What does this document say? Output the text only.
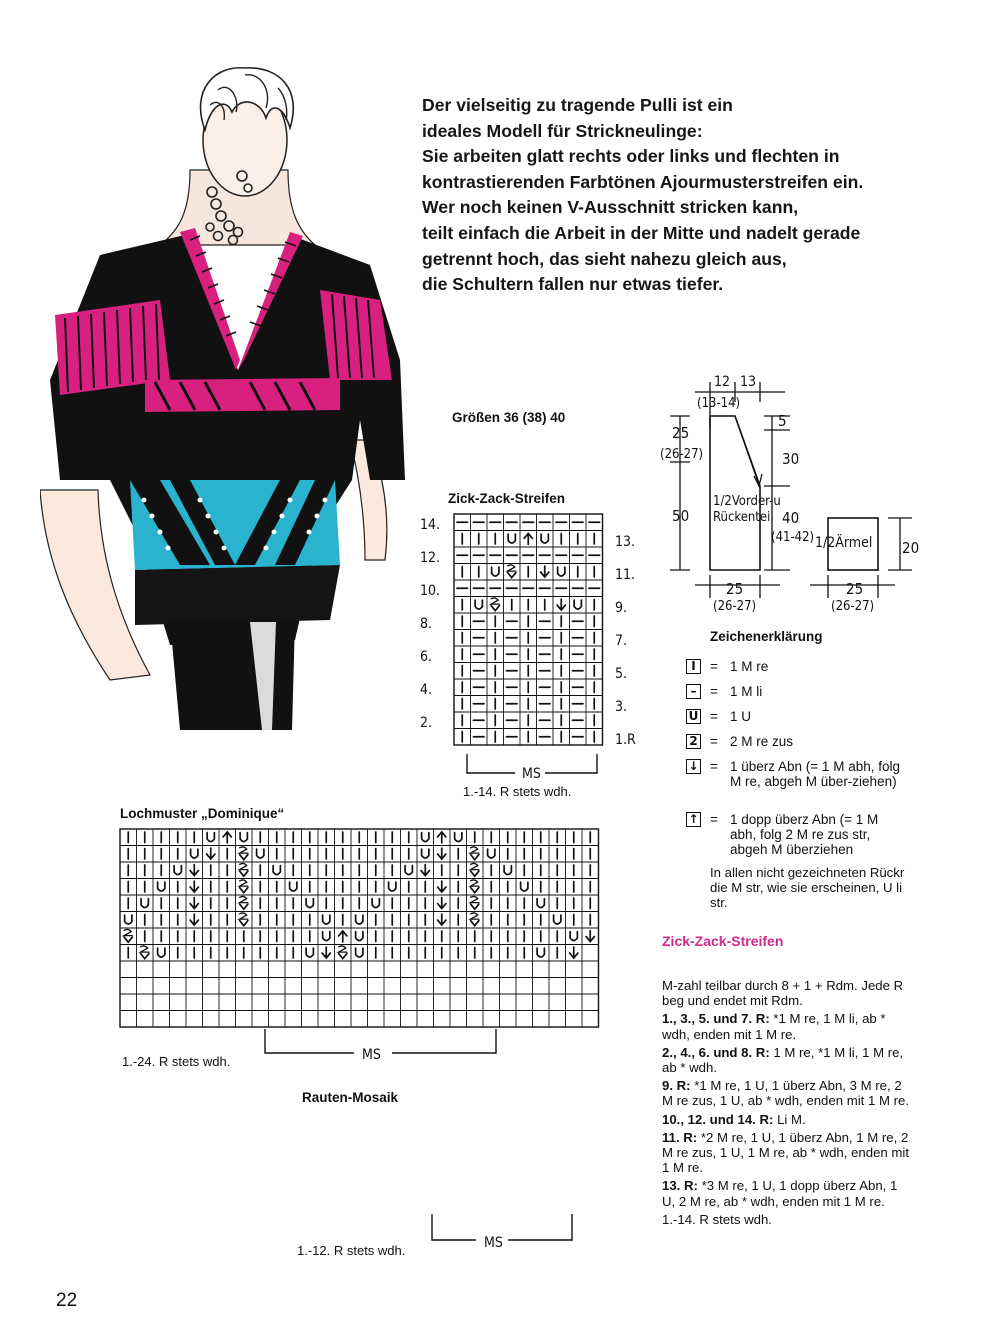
Der vielseitig zu tragende Pulli ist ein
ideales Modell für Strickneulinge:
Sie arbeiten glatt rechts oder links und flechten in
kontrastierenden Farbtönen Ajourmusterstreifen ein.
Wer noch keinen V-Ausschnitt stricken kann,
teilt einfach die Arbeit in der Mitte und nadelt gerade
getrennt hoch, das sieht nahezu gleich aus,
die Schultern fallen nur etwas tiefer.
Größen 36 (38) 40
Zick-Zack-Streifen
14.
12.
10.
8.
6.
4.
2.
13.
11.
9.
7.
5.
3.
1.R
MS
1.-14. R stets wdh.
Lochmuster „Dominique“
MS
1.-24. R stets wdh.
Rauten-Mosaik
MS
1.-12. R stets wdh.
12 13
(13-14)
25
(26-27)
5
30
50
1/2Vorder-u
Rückenteil 40
(41-42) 1/2Ärmel 20
25
(26-27)
25
(26-27)
Zeichenerklärung
I	= 1 M re
–	= 1 M li
U = 1 U
2 = 2 M re zus
↓ = 1 überz Abn (= 1 M abh, folg M re, abgeh M über-ziehen)
↑ = 1 dopp überz Abn (= 1 M abh, folg 2 M re zus str, abgeh M überziehen
In allen nicht gezeichneten Rückr die M str, wie sie erscheinen, U li str.
Zick-Zack-Streifen

M-zahl teilbar durch 8 + 1 + Rdm. Jede R beg und endet mit Rdm.

1., 3., 5. und 7. R: *1 M re, 1 M li, ab * wdh, enden mit 1 M re.

2., 4., 6. und 8. R: 1 M re, *1 M li, 1 M re, ab * wdh.

9. R: *1 M re, 1 U, 1 überz Abn, 3 M re, 2 M re zus, 1 U, ab * wdh, enden mit 1 M re.

10., 12. und 14. R: Li M.

11. R: *2 M re, 1 U, 1 überz Abn, 1 M re, 2 M re zus, 1 U, 1 M re, ab * wdh, enden mit 1 M re.

13. R: *3 M re, 1 U, 1 dopp überz Abn, 1 U, 2 M re, ab * wdh, enden mit 1 M re.

1.-14. R stets wdh.

22
